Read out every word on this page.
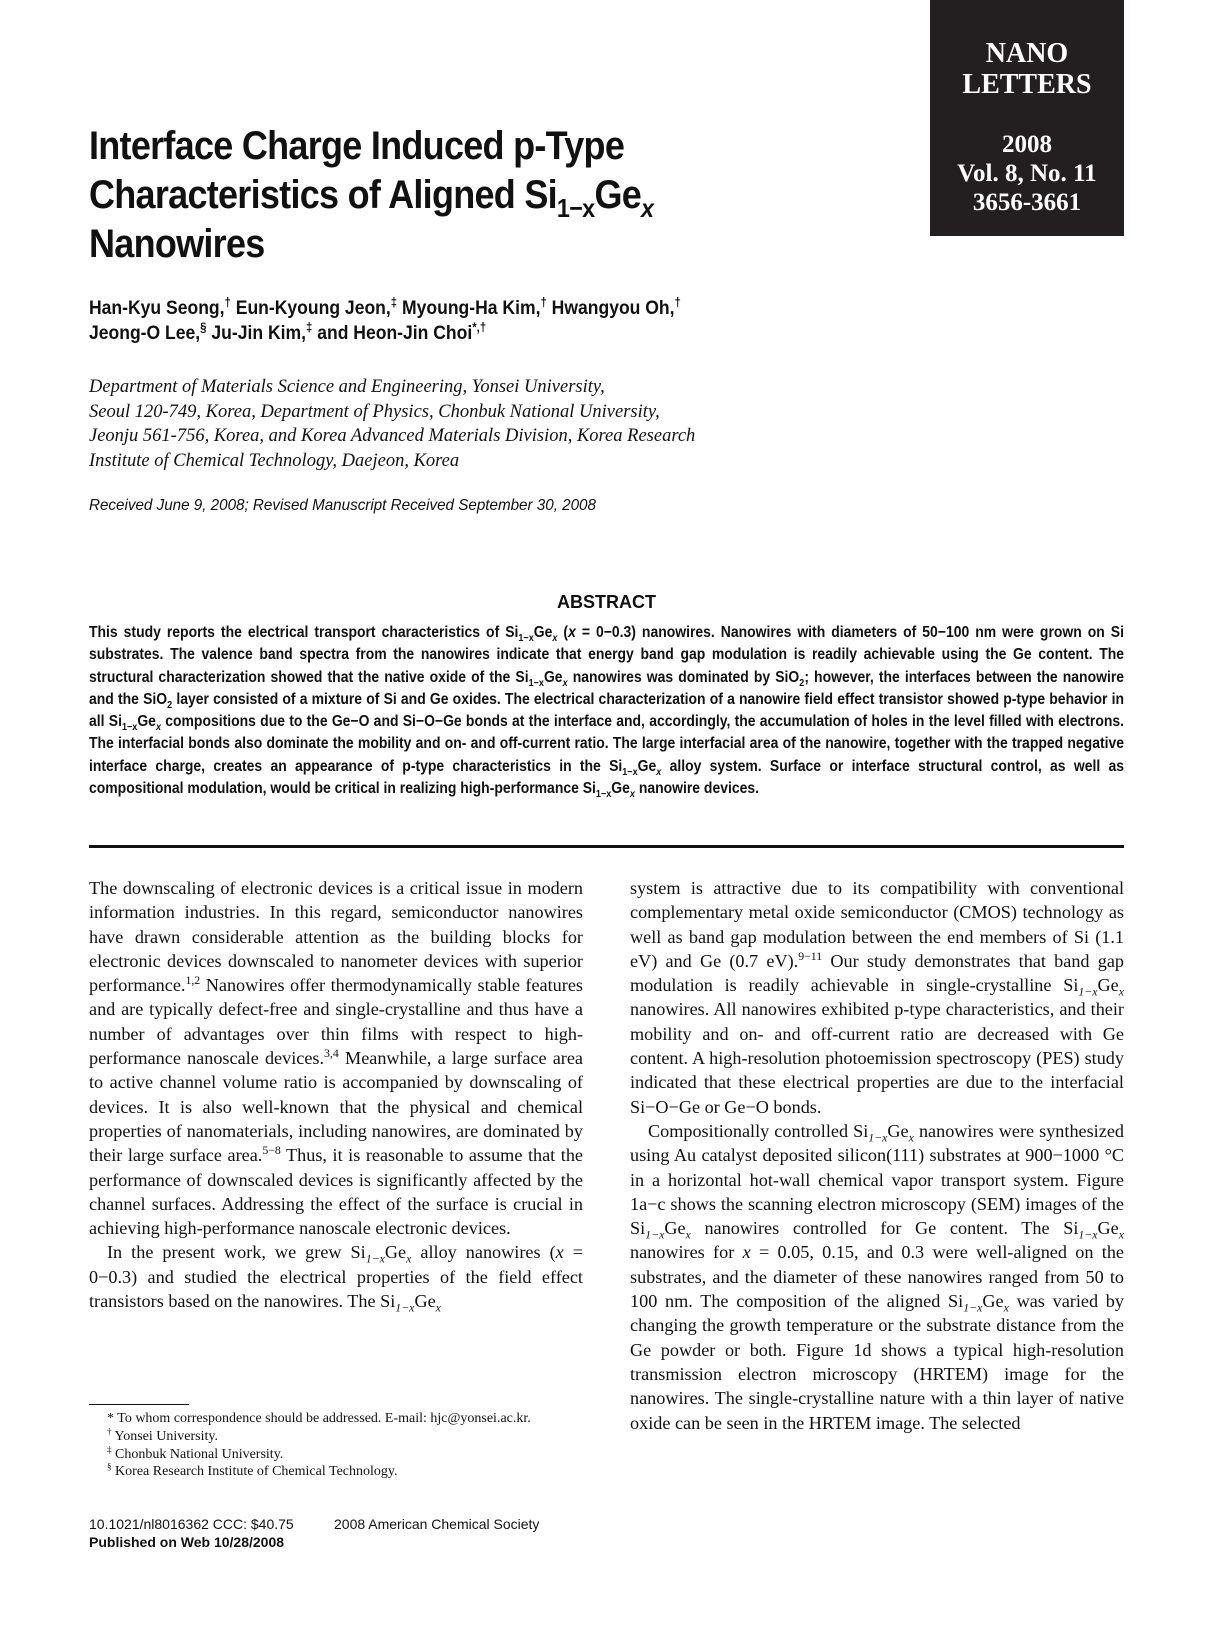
NANO
LETTERS
2008
Vol. 8, No. 11
3656-3661
Interface Charge Induced p-Type
Characteristics of Aligned $Si_{1-x}Ge_x$
Nanowires
Han-Kyu Seong,† Eun-Kyoung Jeon,‡ Myoung-Ha Kim,† Hwangyou Oh,†
Jeong-O Lee,§ Ju-Jin Kim,‡ and Heon-Jin Choi*,†
Department of Materials Science and Engineering, Yonsei University,
Seoul 120-749, Korea, Department of Physics, Chonbuk National University,
Jeonju 561-756, Korea, and Korea Advanced Materials Division, Korea Research
Institute of Chemical Technology, Daejeon, Korea
Received June 9, 2008; Revised Manuscript Received September 30, 2008
ABSTRACT
This study reports the electrical transport characteristics of $Si_{1-x}Ge_x$ (x = 0−0.3) nanowires. Nanowires with diameters of 50−100 nm were grown on Si substrates. The valence band spectra from the nanowires indicate that energy band gap modulation is readily achievable using the Ge content. The structural characterization showed that the native oxide of the $Si_{1-x}Ge_x$ nanowires was dominated by SiO$_2$; however, the interfaces between the nanowire and the SiO$_2$ layer consisted of a mixture of Si and Ge oxides. The electrical characterization of a nanowire field effect transistor showed p-type behavior in all $Si_{1-x}Ge_x$ compositions due to the Ge−O and Si−O−Ge bonds at the interface and, accordingly, the accumulation of holes in the level filled with electrons. The interfacial bonds also dominate the mobility and on- and off-current ratio. The large interfacial area of the nanowire, together with the trapped negative interface charge, creates an appearance of p-type characteristics in the $Si_{1-x}Ge_x$ alloy system. Surface or interface structural control, as well as compositional modulation, would be critical in realizing high-performance $Si_{1-x}Ge_x$ nanowire devices.

The downscaling of electronic devices is a critical issue in modern information industries. In this regard, semiconductor nanowires have drawn considerable attention as the building blocks for electronic devices downscaled to nanometer devices with superior performance.$^{1,2}$ Nanowires offer thermodynamically stable features and are typically defect-free and single-crystalline and thus have a number of advantages over thin films with respect to high-performance nanoscale devices.$^{3,4}$ Meanwhile, a large surface area to active channel volume ratio is accompanied by downscaling of devices. It is also well-known that the physical and chemical properties of nanomaterials, including nanowires, are dominated by their large surface area.$^{5-8}$ Thus, it is reasonable to assume that the performance of downscaled devices is significantly affected by the channel surfaces. Addressing the effect of the surface is crucial in achieving high-performance nanoscale electronic devices.

In the present work, we grew $Si_{1-x}Ge_x$ alloy nanowires (x = 0−0.3) and studied the electrical properties of the field effect transistors based on the nanowires. The $Si_{1-x}Ge_x$

system is attractive due to its compatibility with conventional complementary metal oxide semiconductor (CMOS) technology as well as band gap modulation between the end members of Si (1.1 eV) and Ge (0.7 eV).$^{9-11}$ Our study demonstrates that band gap modulation is readily achievable in single-crystalline $Si_{1-x}Ge_x$ nanowires. All nanowires exhibited p-type characteristics, and their mobility and on- and off-current ratio are decreased with Ge content. A high-resolution photoemission spectroscopy (PES) study indicated that these electrical properties are due to the interfacial Si−O−Ge or Ge−O bonds.

Compositionally controlled $Si_{1-x}Ge_x$ nanowires were synthesized using Au catalyst deposited silicon(111) substrates at 900−1000 °C in a horizontal hot-wall chemical vapor transport system. Figure 1a−c shows the scanning electron microscopy (SEM) images of the $Si_{1-x}Ge_x$ nanowires controlled for Ge content. The $Si_{1-x}Ge_x$ nanowires for x = 0.05, 0.15, and 0.3 were well-aligned on the substrates, and the diameter of these nanowires ranged from 50 to 100 nm. The composition of the aligned $Si_{1-x}Ge_x$ was varied by changing the growth temperature or the substrate distance from the Ge powder or both. Figure 1d shows a typical high-resolution transmission electron microscopy (HRTEM) image for the nanowires. The single-crystalline nature with a thin layer of native oxide can be seen in the HRTEM image. The selected

* To whom correspondence should be addressed. E-mail: hjc@yonsei.ac.kr.

† Yonsei University.

‡ Chonbuk National University.

§ Korea Research Institute of Chemical Technology.

10.1021/nl8016362 CCC: $40.75	2008 American Chemical Society
Published on Web 10/28/2008
